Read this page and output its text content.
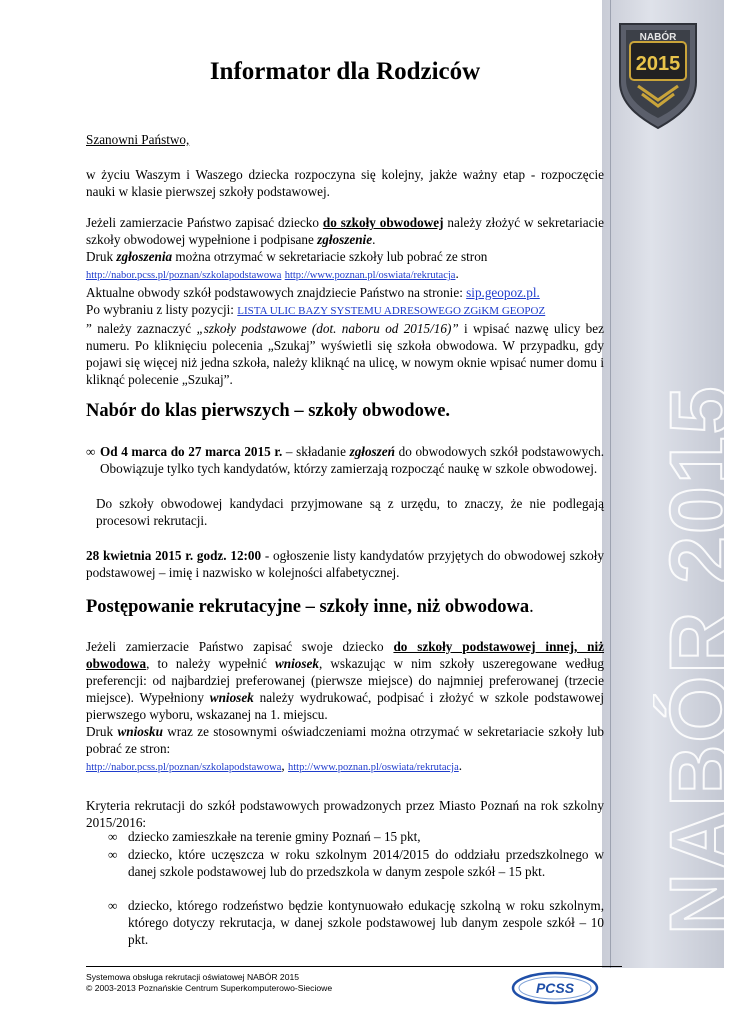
NABÓR 2015
NABÓR
2015
Informator dla Rodziców
Szanowni Państwo,
w życiu Waszym i Waszego dziecka rozpoczyna się kolejny, jakże ważny etap - rozpoczęcie nauki w klasie pierwszej szkoły podstawowej.
Jeżeli zamierzacie Państwo zapisać dziecko do szkoły obwodowej należy złożyć w sekretariacie szkoły obwodowej wypełnione i podpisane zgłoszenie.
Druk zgłoszenia można otrzymać w sekretariacie szkoły lub pobrać ze stron
http://nabor.pcss.pl/poznan/szkolapodstawowa http://www.poznan.pl/oswiata/rekrutacja.
Aktualne obwody szkół podstawowych znajdziecie Państwo na stronie: sip.geopoz.pl.
Po wybraniu z listy pozycji: LISTA ULIC BAZY SYSTEMU ADRESOWEGO ZGiKM GEOPOZ
” należy zaznaczyć „szkoły podstawowe (dot. naboru od 2015/16)” i wpisać nazwę ulicy bez numeru. Po kliknięciu polecenia „Szukaj” wyświetli się szkoła obwodowa. W przypadku, gdy pojawi się więcej niż jedna szkoła, należy kliknąć na ulicę, w nowym oknie wpisać numer domu i kliknąć polecenie „Szukaj”.
Nabór do klas pierwszych – szkoły obwodowe.
∞ Od 4 marca do 27 marca 2015 r. – składanie zgłoszeń do obwodowych szkół podstawowych. Obowiązuje tylko tych kandydatów, którzy zamierzają rozpocząć naukę w szkole obwodowej.
Do szkoły obwodowej kandydaci przyjmowane są z urzędu, to znaczy, że nie podlegają procesowi rekrutacji.
28 kwietnia 2015 r. godz. 12:00 - ogłoszenie listy kandydatów przyjętych do obwodowej szkoły podstawowej – imię i nazwisko w kolejności alfabetycznej.
Postępowanie rekrutacyjne – szkoły inne, niż obwodowa.
Jeżeli zamierzacie Państwo zapisać swoje dziecko do szkoły podstawowej innej, niż obwodowa, to należy wypełnić wniosek, wskazując w nim szkoły uszeregowane według preferencji: od najbardziej preferowanej (pierwsze miejsce) do najmniej preferowanej (trzecie miejsce). Wypełniony wniosek należy wydrukować, podpisać i złożyć w szkole podstawowej pierwszego wyboru, wskazanej na 1. miejscu.
Druk wniosku wraz ze stosownymi oświadczeniami można otrzymać w sekretariacie szkoły lub pobrać ze stron:
http://nabor.pcss.pl/poznan/szkolapodstawowa, http://www.poznan.pl/oswiata/rekrutacja.
Kryteria rekrutacji do szkół podstawowych prowadzonych przez Miasto Poznań na rok szkolny 2015/2016:
∞ dziecko zamieszkałe na terenie gminy Poznań – 15 pkt,
∞ dziecko, które uczęszcza w roku szkolnym 2014/2015 do oddziału przedszkolnego w danej szkole podstawowej lub do przedszkola w danym zespole szkół – 15 pkt.
∞ dziecko, którego rodzeństwo będzie kontynuowało edukację szkolną w roku szkolnym, którego dotyczy rekrutacja, w danej szkole podstawowej lub danym zespole szkół – 10 pkt.
Systemowa obsługa rekrutacji oświatowej NABÓR 2015
© 2003-2013 Poznańskie Centrum Superkomputerowo-Sieciowe	PCSS
